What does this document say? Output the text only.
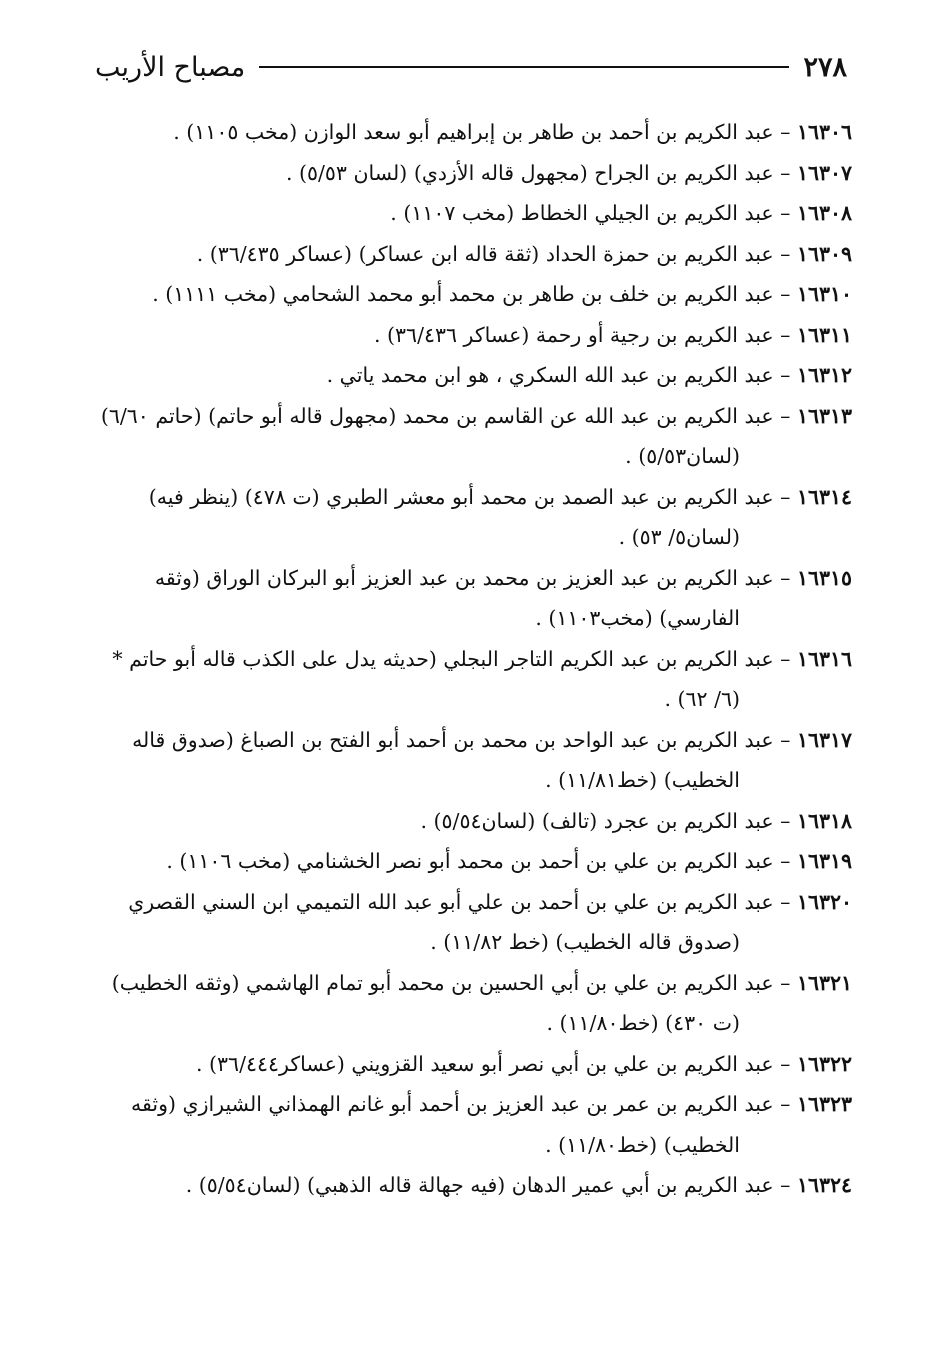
٢٧٨
مصباح الأريب

١٦٣٠٦ – عبد الكريم بن أحمد بن طاهر بن إبراهيم أبو سعد الوازن (مخب ١١٠٥) .

١٦٣٠٧ – عبد الكريم بن الجراح (مجهول قاله الأزدي) (لسان ٥/٥٣) .

١٦٣٠٨ – عبد الكريم بن الجيلي الخطاط (مخب ١١٠٧) .

١٦٣٠٩ – عبد الكريم بن حمزة الحداد (ثقة قاله ابن عساكر) (عساكر ٣٦/٤٣٥) .

١٦٣١٠ – عبد الكريم بن خلف بن طاهر بن محمد أبو محمد الشحامي (مخب ١١١١) .

١٦٣١١ – عبد الكريم بن رجية أو رحمة (عساكر ٣٦/٤٣٦) .

١٦٣١٢ – عبد الكريم بن عبد الله السكري ، هو ابن محمد ياتي .

١٦٣١٣ – عبد الكريم بن عبد الله عن القاسم بن محمد (مجهول قاله أبو حاتم) (حاتم ٦/٦٠) (لسان٥/٥٣) .

١٦٣١٤ – عبد الكريم بن عبد الصمد بن محمد أبو معشر الطبري (ت ٤٧٨) (ينظر فيه) (لسان٥/ ٥٣) .

١٦٣١٥ – عبد الكريم بن عبد العزيز بن محمد بن عبد العزيز أبو البركان الوراق (وثقه الفارسي) (مخب١١٠٣) .

١٦٣١٦ – عبد الكريم بن عبد الكريم التاجر البجلي (حديثه يدل على الكذب قاله أبو حاتم * (٦/ ٦٢) .

١٦٣١٧ – عبد الكريم بن عبد الواحد بن محمد بن أحمد أبو الفتح بن الصباغ (صدوق قاله الخطيب) (خط١١/٨١) .

١٦٣١٨ – عبد الكريم بن عجرد (تالف) (لسان٥/٥٤) .

١٦٣١٩ – عبد الكريم بن علي بن أحمد بن محمد أبو نصر الخشنامي (مخب ١١٠٦) .

١٦٣٢٠ – عبد الكريم بن علي بن أحمد بن علي أبو عبد الله التميمي ابن السني القصري (صدوق قاله الخطيب) (خط ١١/٨٢) .

١٦٣٢١ – عبد الكريم بن علي بن أبي الحسين بن محمد أبو تمام الهاشمي (وثقه الخطيب) (ت ٤٣٠) (خط١١/٨٠) .

١٦٣٢٢ – عبد الكريم بن علي بن أبي نصر أبو سعيد القزويني (عساكر٣٦/٤٤٤) .

١٦٣٢٣ – عبد الكريم بن عمر بن عبد العزيز بن أحمد أبو غانم الهمذاني الشيرازي (وثقه الخطيب) (خط١١/٨٠) .

١٦٣٢٤ – عبد الكريم بن أبي عمير الدهان (فيه جهالة قاله الذهبي) (لسان٥/٥٤) .
